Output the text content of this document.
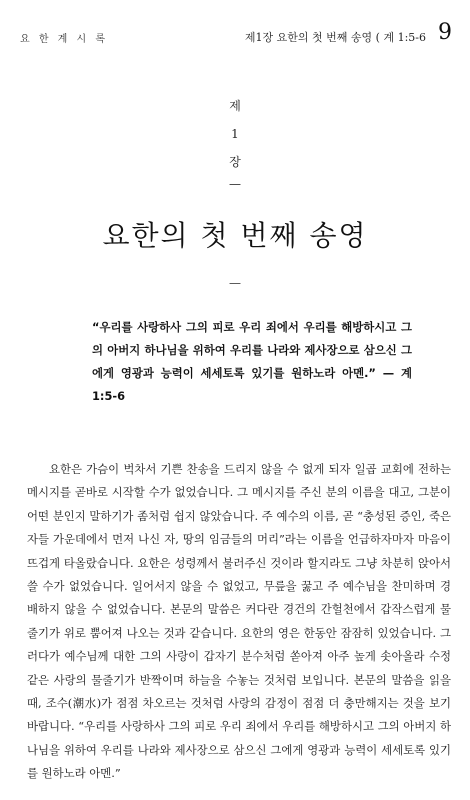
요 한 계 시 록	제1장 요한의 첫 번째 송영 ( 계 1:5-6 9
제
1
장
—
요한의 첫 번째 송영
—
“우리를 사랑하사 그의 피로 우리 죄에서 우리를 해방하시고 그의 아버지 하나님을 위하여 우리를 나라와 제사장으로 삼으신 그에게 영광과 능력이 세세토록 있기를 원하노라 아멘.” — 계 1:5-6
요한은 가슴이 벅차서 기쁜 찬송을 드리지 않을 수 없게 되자 일곱 교회에 전하는 메시지를 곧바로 시작할 수가 없었습니다. 그 메시지를 주신 분의 이름을 대고, 그분이 어떤 분인지 말하기가 좀처럼 쉽지 않았습니다. 주 예수의 이름, 곧 “충성된 증인, 죽은 자들 가운데에서 먼저 나신 자, 땅의 임금들의 머리”라는 이름을 언급하자마자 마음이 뜨겁게 타올랐습니다. 요한은 성령께서 불러주신 것이라 할지라도 그냥 차분히 앉아서 쓸 수가 없었습니다. 일어서지 않을 수 없었고, 무릎을 꿇고 주 예수님을 찬미하며 경배하지 않을 수 없었습니다. 본문의 말씀은 커다란 경건의 간헐천에서 갑작스럽게 물줄기가 위로 뿜어져 나오는 것과 같습니다. 요한의 영은 한동안 잠잠히 있었습니다. 그러다가 예수님께 대한 그의 사랑이 갑자기 분수처럼 쏟아져 아주 높게 솟아올라 수정 같은 사랑의 물줄기가 반짝이며 하늘을 수놓는 것처럼 보입니다. 본문의 말씀을 읽을 때, 조수(潮水)가 점점 차오르는 것처럼 사랑의 감정이 점점 더 충만해지는 것을 보기 바랍니다. “우리를 사랑하사 그의 피로 우리 죄에서 우리를 해방하시고 그의 아버지 하나님을 위하여 우리를 나라와 제사장으로 삼으신 그에게 영광과 능력이 세세토록 있기를 원하노라 아멘.”
